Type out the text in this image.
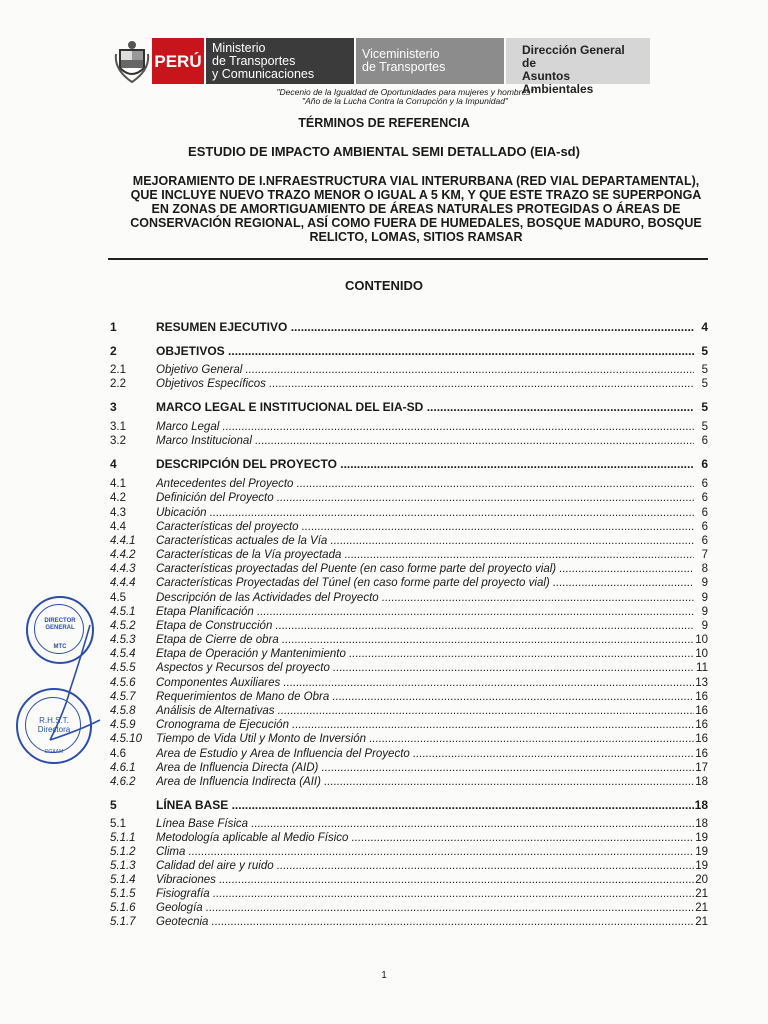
PERÚ
Ministerio
de Transportes
y Comunicaciones
Viceministerio
de Transportes
Dirección General de
Asuntos Ambientales
"Decenio de la Igualdad de Oportunidades para mujeres y hombres"
"Año de la Lucha Contra la Corrupción y la Impunidad"
TÉRMINOS DE REFERENCIA
ESTUDIO DE IMPACTO AMBIENTAL SEMI DETALLADO (EIA-sd)
MEJORAMIENTO DE I.NFRAESTRUCTURA VIAL INTERURBANA (RED VIAL DEPARTAMENTAL),
QUE INCLUYE NUEVO TRAZO MENOR O IGUAL A 5 KM, Y QUE ESTE TRAZO SE SUPERPONGA
EN ZONAS DE AMORTIGUAMIENTO DE ÁREAS NATURALES PROTEGIDAS O ÁREAS DE
CONSERVACIÓN REGIONAL, ASÍ COMO FUERA DE HUMEDALES, BOSQUE MADURO, BOSQUE
RELICTO, LOMAS, SITIOS RAMSAR
CONTENIDO
1	RESUMEN EJECUTIVO .....	4
2	OBJETIVOS .....	5
2.1	Objetivo General .....	5
2.2	Objetivos Específicos .....	5
3	MARCO LEGAL E INSTITUCIONAL DEL EIA-SD .....	5
3.1	Marco Legal .....	5
3.2	Marco Institucional .....	6
4	DESCRIPCIÓN DEL PROYECTO .....	6
4.1	Antecedentes del Proyecto .....	6
4.2	Definición del Proyecto .....	6
4.3	Ubicación .....	6
4.4	Características del proyecto .....	6
4.4.1 Características actuales de la Vía .....	6
4.4.2 Características de la Vía proyectada .....	7
4.4.3 Características proyectadas del Puente (en caso forme parte del proyecto vial) .....	8
4.4.4 Características Proyectadas del Túnel (en caso forme parte del proyecto vial) .....	9
4.5	Descripción de las Actividades del Proyecto .....	9
4.5.1 Etapa Planificación .....	9
4.5.2 Etapa de Construcción .....	9
4.5.3 Etapa de Cierre de obra .....	10
4.5.4 Etapa de Operación y Mantenimiento .....	10
4.5.5 Aspectos y Recursos del proyecto .....	11
4.5.6 Componentes Auxiliares .....	13
4.5.7 Requerimientos de Mano de Obra .....	16
4.5.8 Análisis de Alternativas .....	16
4.5.9 Cronograma de Ejecución .....	16
4.5.10 Tiempo de Vida Útil y Monto de Inversión .....	16
4.6	Área de Estudio y Área de Influencia del Proyecto .....	16
4.6.1 Área de Influencia Directa (AID) .....	17
4.6.2 Área de Influencia Indirecta (AII) .....	18
5	LÍNEA BASE .....	18
5.1	Línea Base Física .....	18
5.1.1 Metodología aplicable al Medio Físico .....	19
5.1.2 Clima .....	19
5.1.3 Calidad del aire y ruido .....	19
5.1.4 Vibraciones .....	20
5.1.5 Fisiografía .....	21
5.1.6 Geología .....	21
5.1.7 Geotecnia .....	21
DIRECTOR
GENERAL
MTC
R.H.S.T.
Directora
DGAAM
1
